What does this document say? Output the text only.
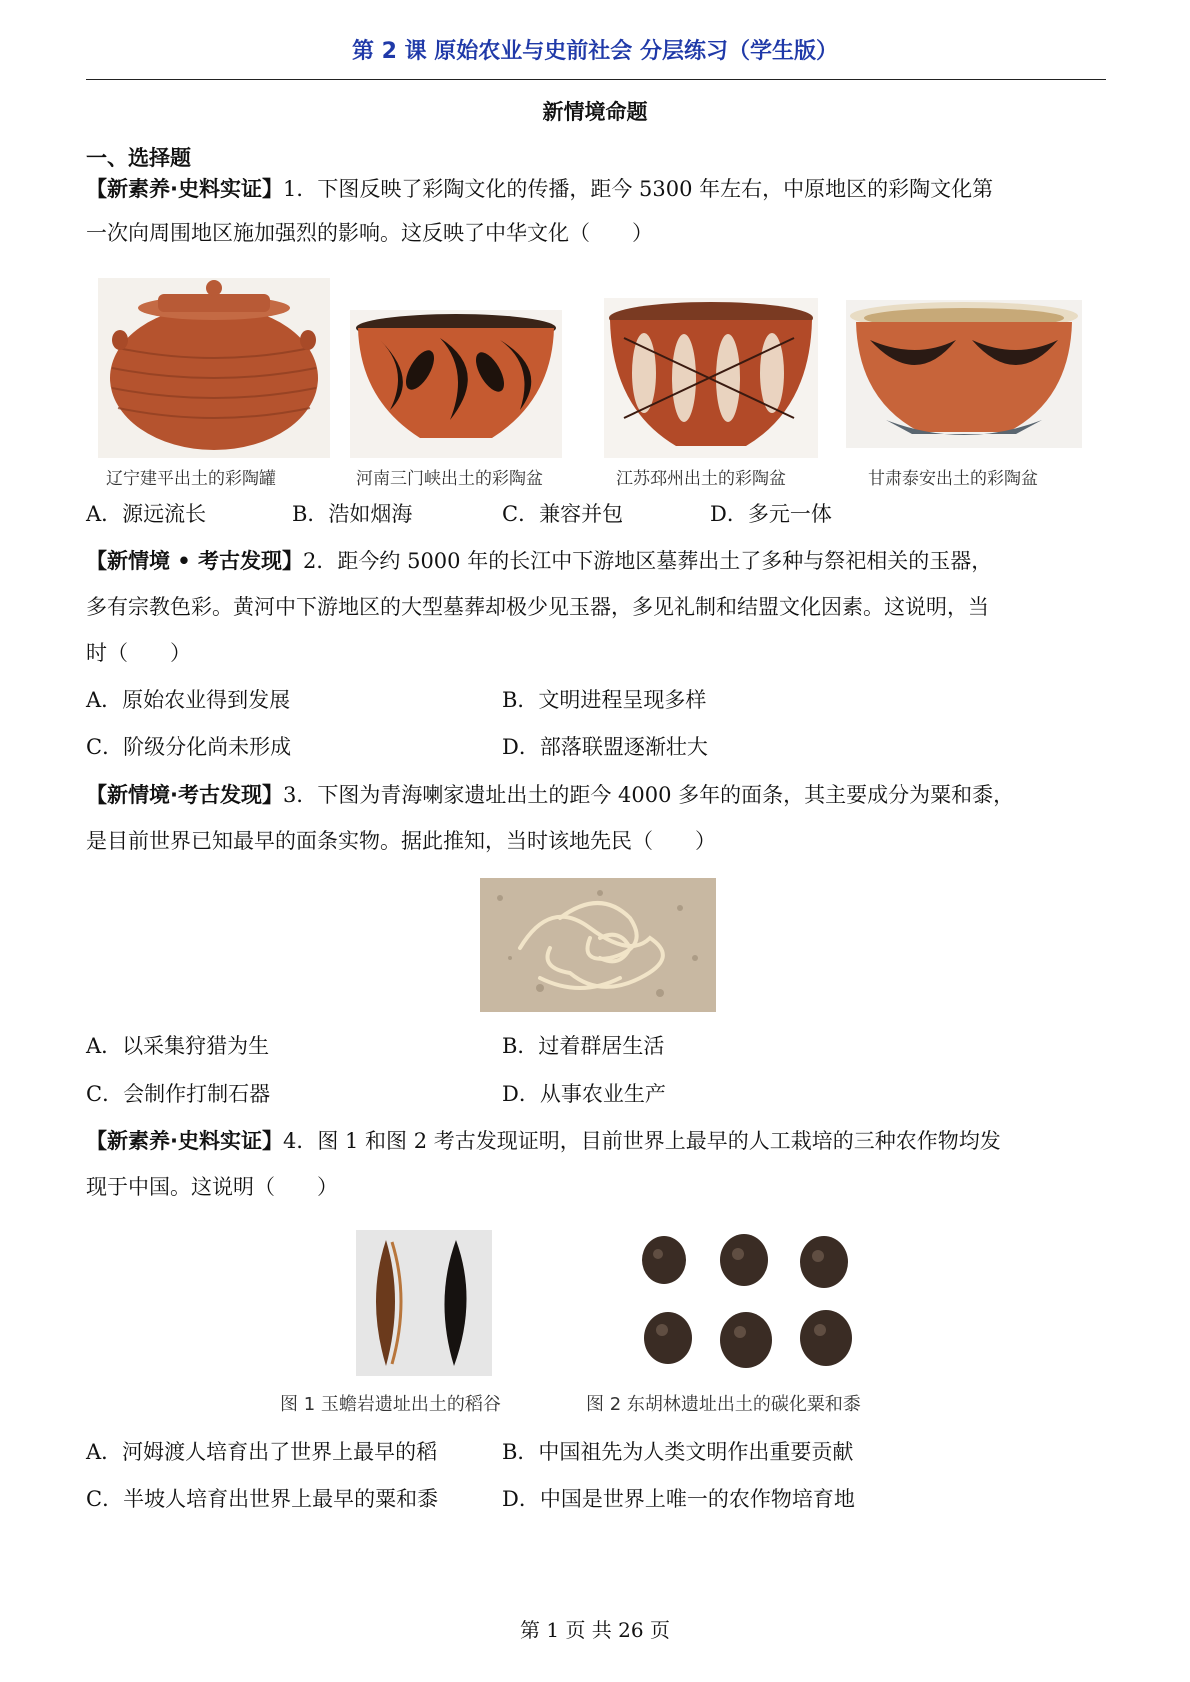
第 2 课 原始农业与史前社会 分层练习（学生版）
新情境命题
一、选择题
【新素养·史料实证】1．下图反映了彩陶文化的传播，距今 5300 年左右，中原地区的彩陶文化第
一次向周围地区施加强烈的影响。这反映了中华文化（　　）
辽宁建平出土的彩陶罐	河南三门峡出土的彩陶盆	江苏邳州出土的彩陶盆	甘肃泰安出土的彩陶盆
A．源远流长	B．浩如烟海	C．兼容并包	D．多元一体
【新情境 • 考古发现】2．距今约 5000 年的长江中下游地区墓葬出土了多种与祭祀相关的玉器，
多有宗教色彩。黄河中下游地区的大型墓葬却极少见玉器，多见礼制和结盟文化因素。这说明，当
时（　　）
A．原始农业得到发展	B．文明进程呈现多样
C．阶级分化尚未形成	D．部落联盟逐渐壮大
【新情境·考古发现】3．下图为青海喇家遗址出土的距今 4000 多年的面条，其主要成分为粟和黍，
是目前世界已知最早的面条实物。据此推知，当时该地先民（　　）
A．以采集狩猎为生	B．过着群居生活
C．会制作打制石器	D．从事农业生产
【新素养·史料实证】4．图 1 和图 2 考古发现证明，目前世界上最早的人工栽培的三种农作物均发
现于中国。这说明（　　）
图 1 玉蟾岩遗址出土的稻谷	图 2 东胡林遗址出土的碳化粟和黍
A．河姆渡人培育出了世界上最早的稻	B．中国祖先为人类文明作出重要贡献
C．半坡人培育出世界上最早的粟和黍	D．中国是世界上唯一的农作物培育地
第 1 页 共 26 页
